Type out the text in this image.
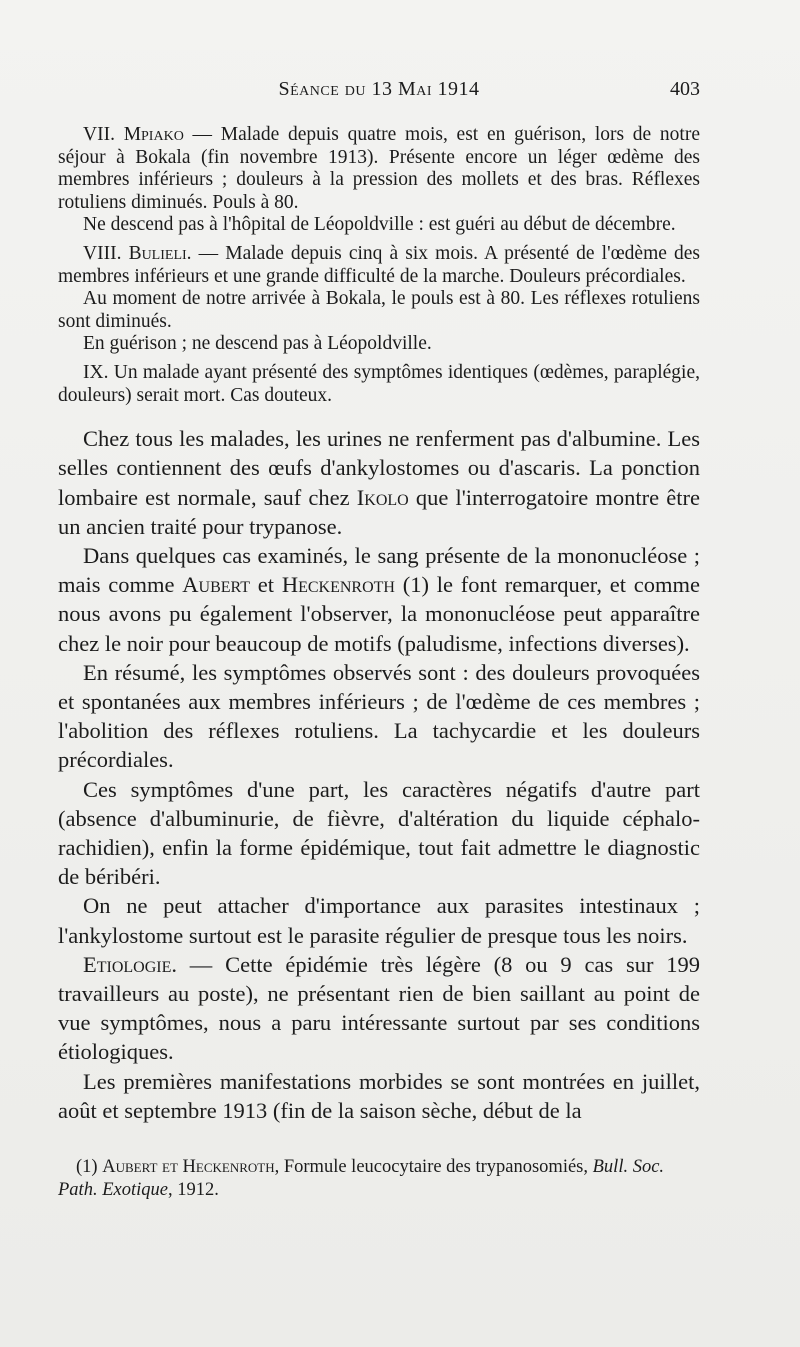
Séance du 13 Mai 1914	403

VII. Mpiako — Malade depuis quatre mois, est en guérison, lors de notre séjour à Bokala (fin novembre 1913). Présente encore un léger œdème des membres inférieurs ; douleurs à la pression des mollets et des bras. Réflexes rotuliens diminués. Pouls à 80.

Ne descend pas à l'hôpital de Léopoldville : est guéri au début de décembre.

VIII. Bulieli. — Malade depuis cinq à six mois. A présenté de l'œdème des membres inférieurs et une grande difficulté de la marche. Douleurs précordiales.

Au moment de notre arrivée à Bokala, le pouls est à 80. Les réflexes rotuliens sont diminués.

En guérison ; ne descend pas à Léopoldville.

IX. Un malade ayant présenté des symptômes identiques (œdèmes, paraplégie, douleurs) serait mort. Cas douteux.

Chez tous les malades, les urines ne renferment pas d'albumine. Les selles contiennent des œufs d'ankylostomes ou d'ascaris. La ponction lombaire est normale, sauf chez Ikolo que l'interrogatoire montre être un ancien traité pour trypanose.

Dans quelques cas examinés, le sang présente de la mononucléose ; mais comme Aubert et Heckenroth (1) le font remarquer, et comme nous avons pu également l'observer, la mononucléose peut apparaître chez le noir pour beaucoup de motifs (paludisme, infections diverses).

En résumé, les symptômes observés sont : des douleurs provoquées et spontanées aux membres inférieurs ; de l'œdème de ces membres ; l'abolition des réflexes rotuliens. La tachycardie et les douleurs précordiales.

Ces symptômes d'une part, les caractères négatifs d'autre part (absence d'albuminurie, de fièvre, d'altération du liquide céphalo-rachidien), enfin la forme épidémique, tout fait admettre le diagnostic de béribéri.

On ne peut attacher d'importance aux parasites intestinaux ; l'ankylostome surtout est le parasite régulier de presque tous les noirs.

Etiologie. — Cette épidémie très légère (8 ou 9 cas sur 199 travailleurs au poste), ne présentant rien de bien saillant au point de vue symptômes, nous a paru intéressante surtout par ses conditions étiologiques.

Les premières manifestations morbides se sont montrées en juillet, août et septembre 1913 (fin de la saison sèche, début de la

(1) Aubert et Heckenroth, Formule leucocytaire des trypanosomiés, Bull. Soc. Path. Exotique, 1912.
